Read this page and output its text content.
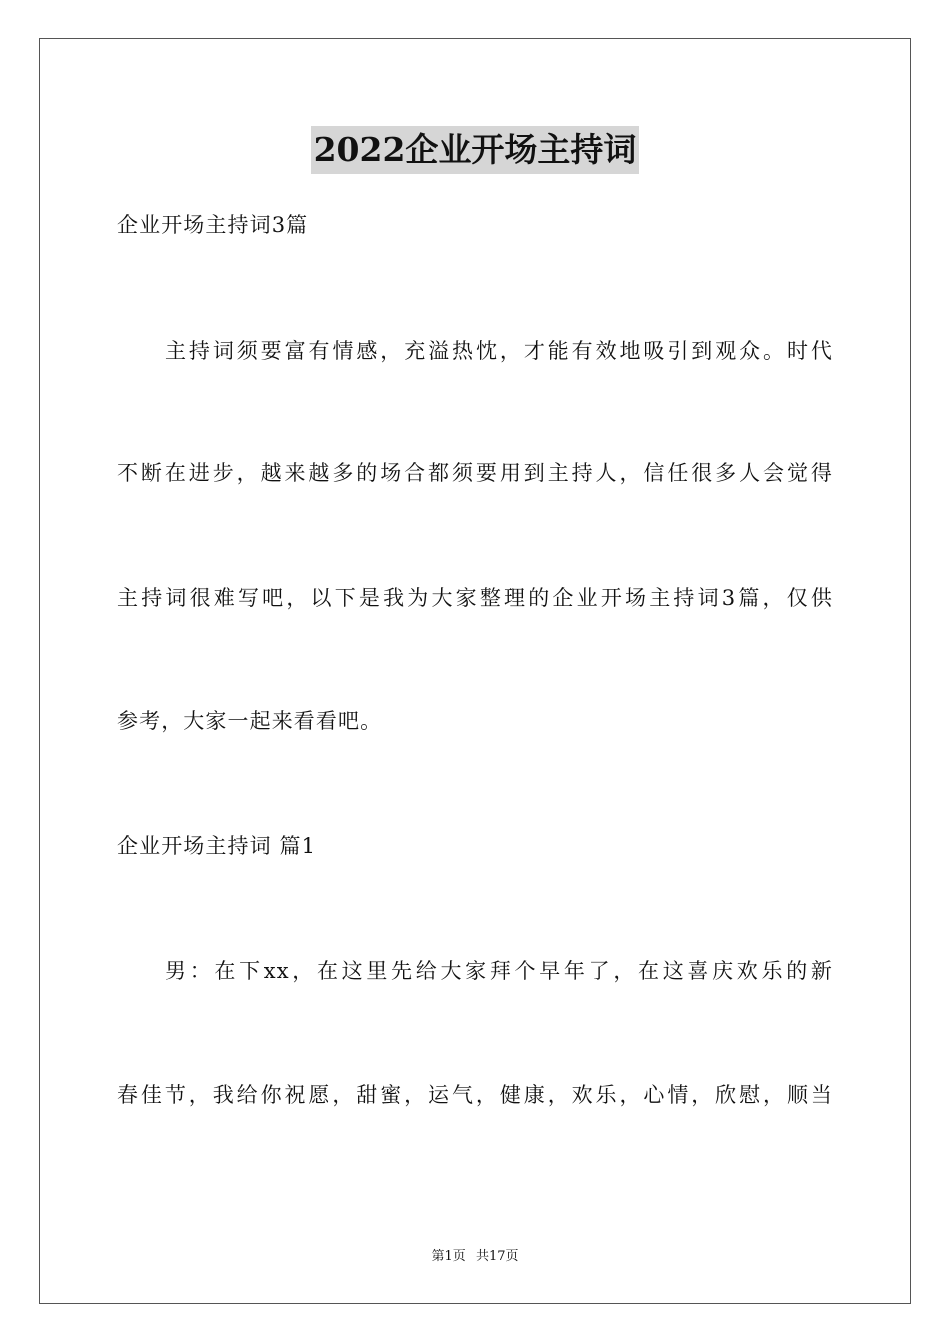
2022企业开场主持词
企业开场主持词3篇
主持词须要富有情感，充溢热忱，才能有效地吸引到观众。时代
不断在进步，越来越多的场合都须要用到主持人，信任很多人会觉得
主持词很难写吧，以下是我为大家整理的企业开场主持词3篇，仅供
参考，大家一起来看看吧。
企业开场主持词 篇1
男：在下xx，在这里先给大家拜个早年了，在这喜庆欢乐的新
春佳节，我给你祝愿，甜蜜，运气，健康，欢乐，心情，欣慰，顺当
第1页 共17页
